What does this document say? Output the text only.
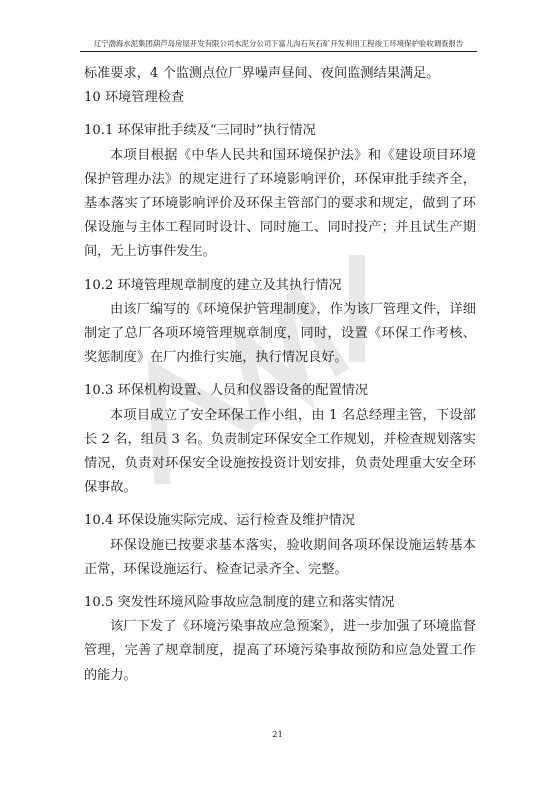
辽宁渤海水泥集团葫芦岛房屋开发有限公司水泥分公司下富儿沟石灰石矿开发利用工程竣工环境保护验收调查报告

标准要求，4 个监测点位厂界噪声昼间、夜间监测结果满足。

10 环境管理检查

10.1 环保审批手续及“三同时”执行情况

本项目根据《中华人民共和国环境保护法》和《建设项目环境保护管理办法》的规定进行了环境影响评价，环保审批手续齐全，基本落实了环境影响评价及环保主管部门的要求和规定，做到了环保设施与主体工程同时设计、同时施工、同时投产；并且试生产期间，无上访事件发生。

10.2 环境管理规章制度的建立及其执行情况

由该厂编写的《环境保护管理制度》，作为该厂管理文件，详细制定了总厂各项环境管理规章制度，同时，设置《环保工作考核、奖惩制度》在厂内推行实施，执行情况良好。

10.3 环保机构设置、人员和仪器设备的配置情况

本项目成立了安全环保工作小组，由 1 名总经理主管，下设部长 2 名，组员 3 名。负责制定环保安全工作规划，并检查规划落实情况，负责对环保安全设施按投资计划安排，负责处理重大安全环保事故。

10.4 环保设施实际完成、运行检查及维护情况

环保设施已按要求基本落实，验收期间各项环保设施运转基本正常，环保设施运行、检查记录齐全、完整。

10.5 突发性环境风险事故应急制度的建立和落实情况

该厂下发了《环境污染事故应急预案》，进一步加强了环境监督管理，完善了规章制度，提高了环境污染事故预防和应急处置工作的能力。

21
